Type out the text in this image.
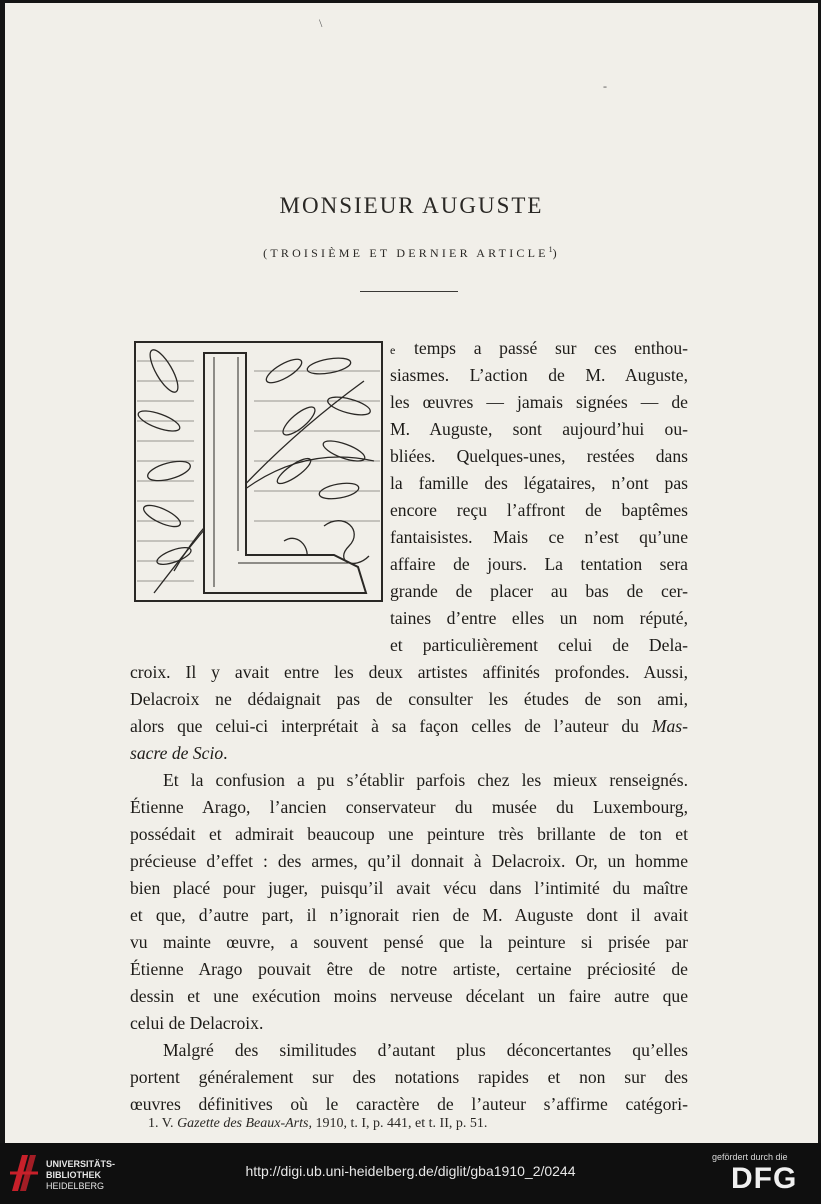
\
-
MONSIEUR AUGUSTE
(TROISIÈME ET DERNIER ARTICLE$^1$)
e temps a passé sur ces enthou-
siasmes. L’action de M. Auguste,
les œuvres — jamais signées — de
M. Auguste, sont aujourd’hui ou-
bliées. Quelques-unes, restées dans
la famille des légataires, n’ont pas
encore reçu l’affront de baptêmes
fantaisistes. Mais ce n’est qu’une
affaire de jours. La tentation sera
grande de placer au bas de cer-
taines d’entre elles un nom réputé,
et particulièrement celui de Dela-
croix. Il y avait entre les deux artistes affinités profondes. Aussi,
Delacroix ne dédaignait pas de consulter les études de son ami,
alors que celui-ci interprétait à sa façon celles de l’auteur du Mas-
sacre de Scio.
Et la confusion a pu s’établir parfois chez les mieux renseignés.
Étienne Arago, l’ancien conservateur du musée du Luxembourg,
possédait et admirait beaucoup une peinture très brillante de ton et
précieuse d’effet : des armes, qu’il donnait à Delacroix. Or, un homme
bien placé pour juger, puisqu’il avait vécu dans l’intimité du maître
et que, d’autre part, il n’ignorait rien de M. Auguste dont il avait
vu mainte œuvre, a souvent pensé que la peinture si prisée par
Étienne Arago pouvait être de notre artiste, certaine préciosité de
dessin et une exécution moins nerveuse décelant un faire autre que
celui de Delacroix.
Malgré des similitudes d’autant plus déconcertantes qu’elles
portent généralement sur des notations rapides et non sur des
œuvres définitives où le caractère de l’auteur s’affirme catégori-
1. V. Gazette des Beaux-Arts, 1910, t. I, p. 441, et t. II, p. 51.
UNIVERSITÄTS-
BIBLIOTHEK
HEIDELBERG
http://digi.ub.uni-heidelberg.de/diglit/gba1910_2/0244
gefördert durch die
DFG
